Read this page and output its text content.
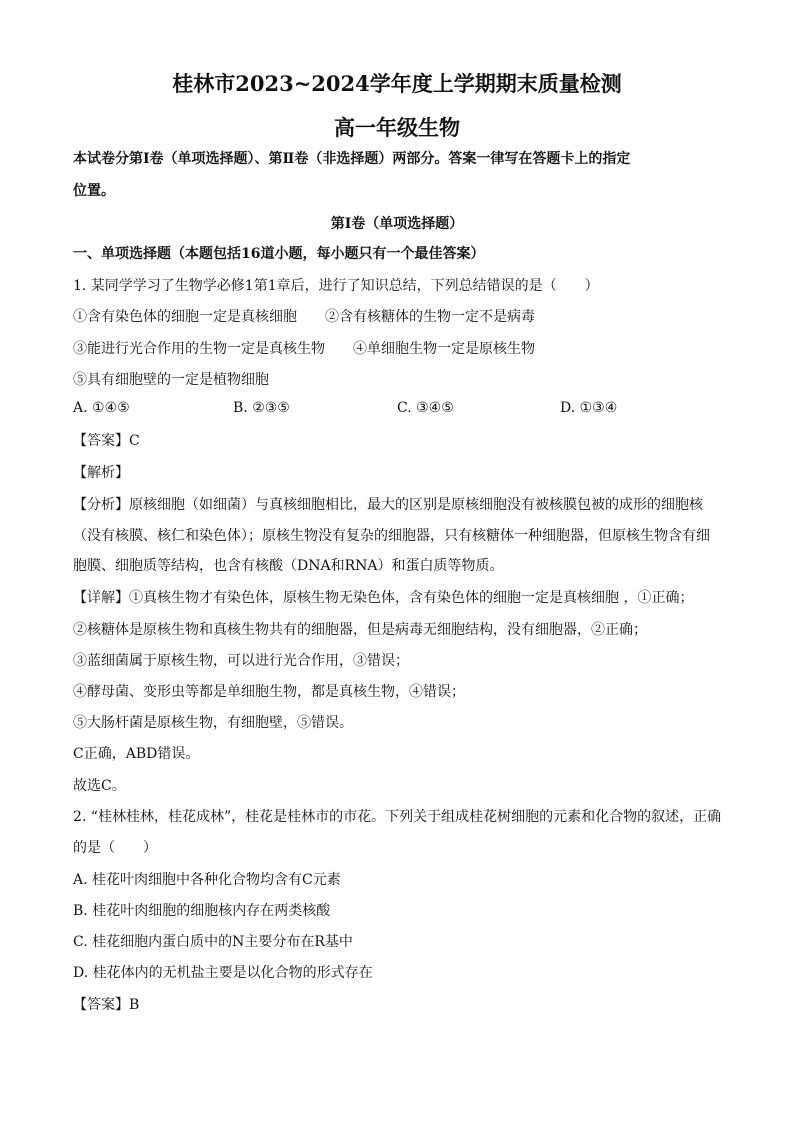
桂林市2023~2024学年度上学期期末质量检测
高一年级生物
本试卷分第Ⅰ卷（单项选择题）、第Ⅱ卷（非选择题）两部分。答案一律写在答题卡上的指定
位置。
第Ⅰ卷（单项选择题）
一、单项选择题（本题包括16道小题，每小题只有一个最佳答案）
1. 某同学学习了生物学必修1第1章后，进行了知识总结，下列总结错误的是（　　）
①含有染色体的细胞一定是真核细胞　　②含有核糖体的生物一定不是病毒
③能进行光合作用的生物一定是真核生物　　④单细胞生物一定是原核生物
⑤具有细胞壁的一定是植物细胞
A. ①④⑤	B. ②③⑤	C. ③④⑤	D. ①③④
【答案】C
【解析】
【分析】原核细胞（如细菌）与真核细胞相比，最大的区别是原核细胞没有被核膜包被的成形的细胞核
（没有核膜、核仁和染色体）；原核生物没有复杂的细胞器，只有核糖体一种细胞器，但原核生物含有细
胞膜、细胞质等结构，也含有核酸（DNA和RNA）和蛋白质等物质。
【详解】①真核生物才有染色体，原核生物无染色体，含有染色体的细胞一定是真核细胞 ，①正确；
②核糖体是原核生物和真核生物共有的细胞器，但是病毒无细胞结构，没有细胞器，②正确；
③蓝细菌属于原核生物，可以进行光合作用，③错误；
④酵母菌、变形虫等都是单细胞生物，都是真核生物，④错误；
⑤大肠杆菌是原核生物，有细胞壁，⑤错误。
C正确，ABD错误。
故选C。
2. “桂林桂林，桂花成林”，桂花是桂林市的市花。下列关于组成桂花树细胞的元素和化合物的叙述，正确
的是（　　）
A. 桂花叶肉细胞中各种化合物均含有C元素
B. 桂花叶肉细胞的细胞核内存在两类核酸
C. 桂花细胞内蛋白质中的N主要分布在R基中
D. 桂花体内的无机盐主要是以化合物的形式存在
【答案】B
